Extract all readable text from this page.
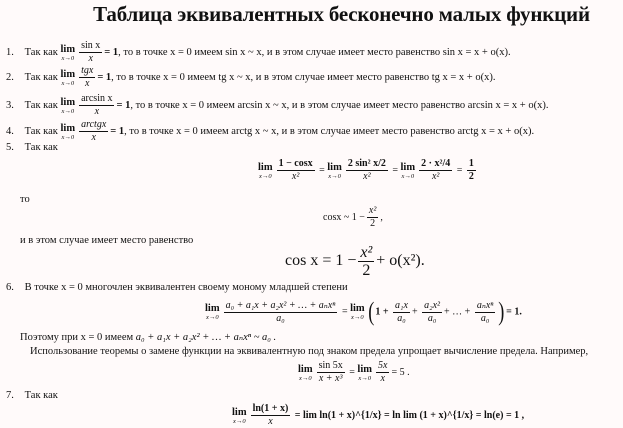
Таблица эквивалентных бесконечно малых функций
1. Так как lim
$x\to 0 \frac{\text{sin x}}{x} = 1$, то в точке x = 0 имеем sin x ~ x, и в этом случае имеет место равенство sin x = x + o(x).
2. Так как lim
$x\to 0 \frac{\text{tgx}}{x} = 1$, то в точке x = 0 имеем tg x ~ x, и в этом случае имеет место равенство tg x = x + o(x).
3. Так как lim
$x\to 0 \frac{\text{arcsin x}}{x} = 1$, то в точке x = 0 имеем arcsin x ~ x, и в этом случае имеет место равенство arcsin x = x + o(x).
4. Так как lim
$x\to 0 \frac{\text{arctgx}}{x} = 1$, то в точке x = 0 имеем arctg x ~ x, и в этом случае имеет место равенство arctg x = x + o(x).
5. Так как
lim
$x\to 0 \frac{1 - \cos x}{\text{x²}} = \lim$
$x\to 0 \frac{\text{2 sin² x/2}}{\text{x²}} = \lim$
$x\to 0 \frac{\text{2 · x²/4}}{\text{x²}} = \frac{1}{2}$
то
cosx ~ $1 - \frac{\text{x²}}{2}$ ,
и в этом случае имеет место равенство
$\cos x = 1 - \frac{\text{x²}}{2} + o(x^2)$.
6. В точке x = 0 многочлен эквивалентен своему моному младшей степени
lim
$x\to 0 \frac{\text{a₀ + a₁x + a₂x² + … + aₙxⁿ}}{\text{a₀}} = \lim$
x→0 ($1 + \frac{\text{a₁x}}{\text{a₀}} + \frac{\text{a₂x²}}{\text{a₀}}$ + … + $\frac{\text{aₙxⁿ}}{\text{a₀}}$ )= 1.
Поэтому при x = 0 имеем a₀ + a₁x + a₂x² + … + aₙxⁿ ~ a₀ .
Использование теоремы о замене функции на эквивалентную под знаком предела упрощает вычисление предела. Например,
lim
$x\to 0 \frac{\sin 5x}{\text{x + x³}} = \lim$
$x\to 0 \frac{5x}{x} = 5$ .
7. Так как
lim
$x\to 0 \frac{\ln(1 + x)}{x} = \lim \ln(1$ + x)^{1/x} = ln lim (1 + x)^{1/x} = ln(e) = 1 ,
